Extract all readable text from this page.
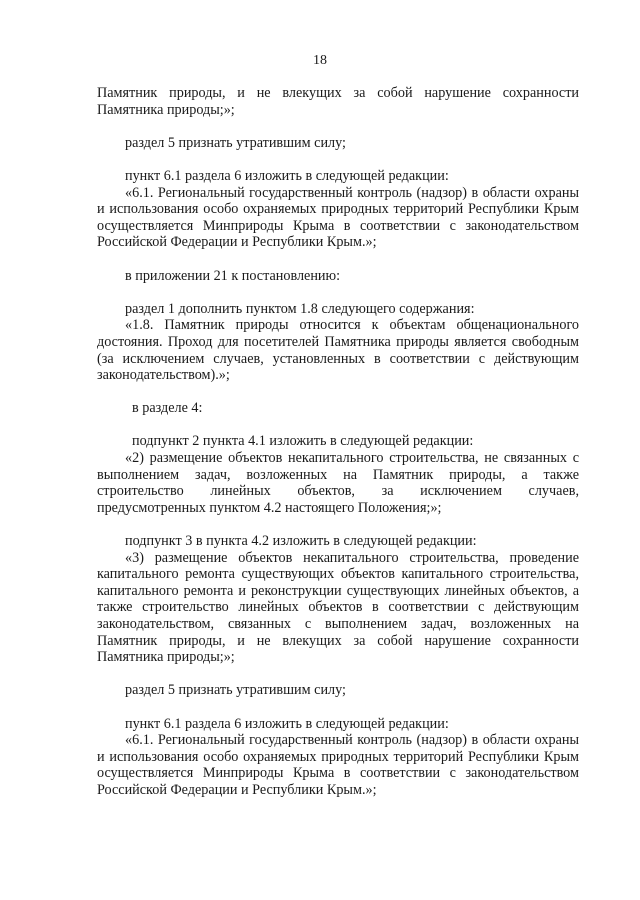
18

Памятник природы, и не влекущих за собой нарушение сохранности

Памятника природы;»;

раздел 5 признать утратившим силу;

пункт 6.1 раздела 6 изложить в следующей редакции:

«6.1. Региональный государственный контроль (надзор) в области охраны

и использования особо охраняемых природных территорий Республики Крым

осуществляется Минприроды Крыма в соответствии с законодательством

Российской Федерации и Республики Крым.»;

в приложении 21 к постановлению:

раздел 1 дополнить пунктом 1.8 следующего содержания:

«1.8. Памятник природы относится к объектам общенационального

достояния. Проход для посетителей Памятника природы является свободным

(за исключением случаев, установленных в соответствии с действующим

законодательством).»;

в разделе 4:

подпункт 2 пункта 4.1 изложить в следующей редакции:

«2) размещение объектов некапитального строительства, не связанных с

выполнением задач, возложенных на Памятник природы, а также

строительство линейных объектов, за исключением случаев,

предусмотренных пунктом 4.2 настоящего Положения;»;

подпункт 3 в пункта 4.2 изложить в следующей редакции:

«3) размещение объектов некапитального строительства, проведение

капитального ремонта существующих объектов капитального строительства,

капитального ремонта и реконструкции существующих линейных объектов, а

также строительство линейных объектов в соответствии с действующим

законодательством, связанных с выполнением задач, возложенных на

Памятник природы, и не влекущих за собой нарушение сохранности

Памятника природы;»;

раздел 5 признать утратившим силу;

пункт 6.1 раздела 6 изложить в следующей редакции:

«6.1. Региональный государственный контроль (надзор) в области охраны

и использования особо охраняемых природных территорий Республики Крым

осуществляется Минприроды Крыма в соответствии с законодательством

Российской Федерации и Республики Крым.»;
